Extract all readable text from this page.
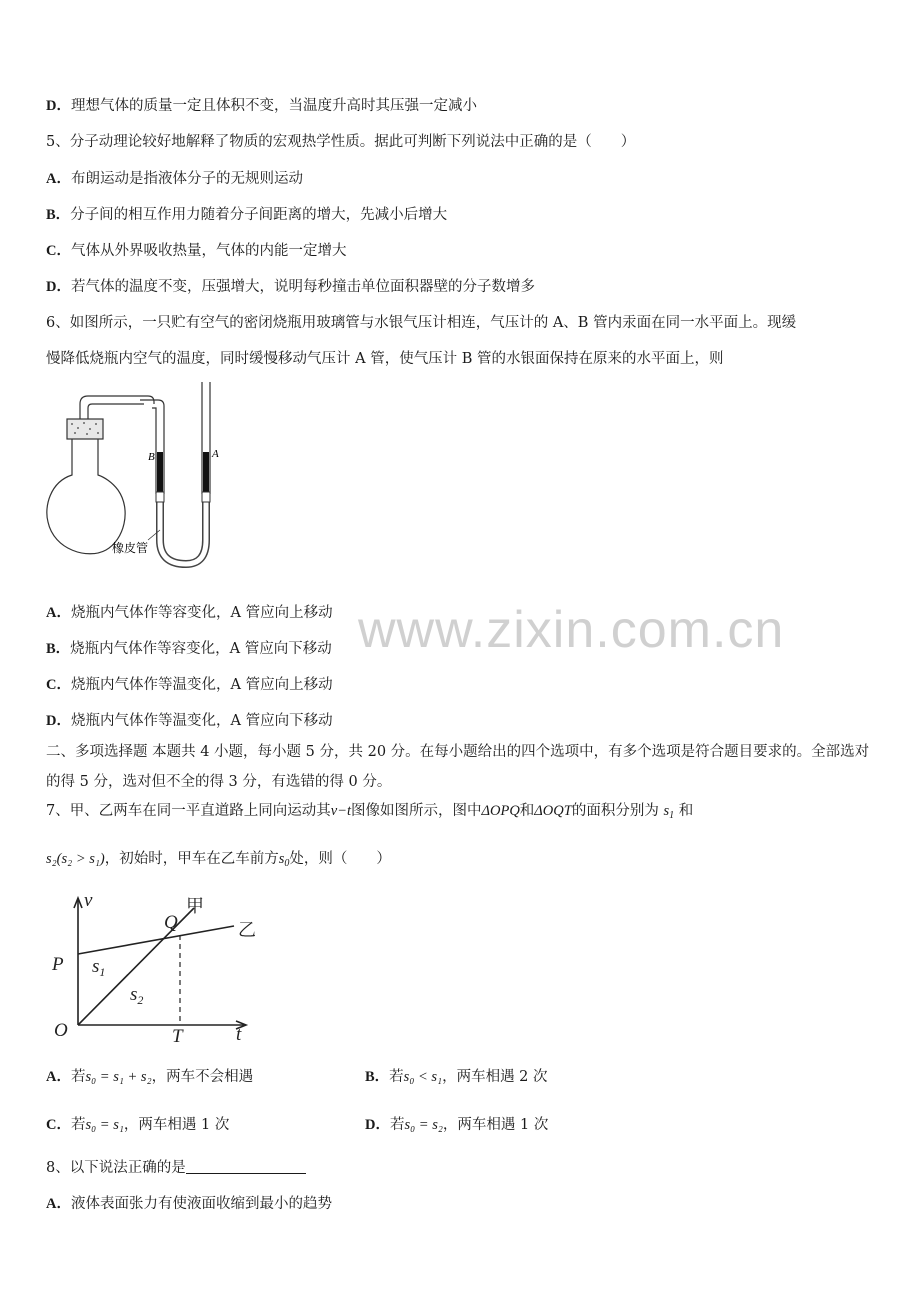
www.zixin.com.cn
D．理想气体的质量一定且体积不变，当温度升高时其压强一定减小
5、分子动理论较好地解释了物质的宏观热学性质。据此可判断下列说法中正确的是（　　）
A．布朗运动是指液体分子的无规则运动
B．分子间的相互作用力随着分子间距离的增大，先减小后增大
C．气体从外界吸收热量，气体的内能一定增大
D．若气体的温度不变，压强增大，说明每秒撞击单位面积器壁的分子数增多
6、如图所示，一只贮有空气的密闭烧瓶用玻璃管与水银气压计相连，气压计的 A、B 管内汞面在同一水平面上。现缓
慢降低烧瓶内空气的温度，同时缓慢移动气压计 A 管，使气压计 B 管的水银面保持在原来的水平面上，则
B	A
橡皮管
A．烧瓶内气体作等容变化，A 管应向上移动
B．烧瓶内气体作等容变化，A 管应向下移动
C．烧瓶内气体作等温变化，A 管应向上移动
D．烧瓶内气体作等温变化，A 管应向下移动
二、多项选择题 本题共 4 小题，每小题 5 分，共 20 分。在每小题给出的四个选项中，有多个选项是符合题目要求的。全部选对的得 5 分，选对但不全的得 3 分，有选错的得 0 分。
7、甲、乙两车在同一平直道路上同向运动其v−t图像如图所示，图中ΔOPQ和ΔOQT的面积分别为 $s_1$ 和
s₂(s₂ > s₁)，初始时，甲车在乙车前方$s_0$处，则（　　）
v
t
O
P
Q
T
$s_1$
$s_2$
甲
乙
A．若s₀ = s₁ + s₂，两车不会相遇	B．若s₀ < s₁，两车相遇 2 次
C．若s₀ = s₁，两车相遇 1 次	D．若s₀ = s₂，两车相遇 1 次
8、以下说法正确的是
A．液体表面张力有使液面收缩到最小的趋势
